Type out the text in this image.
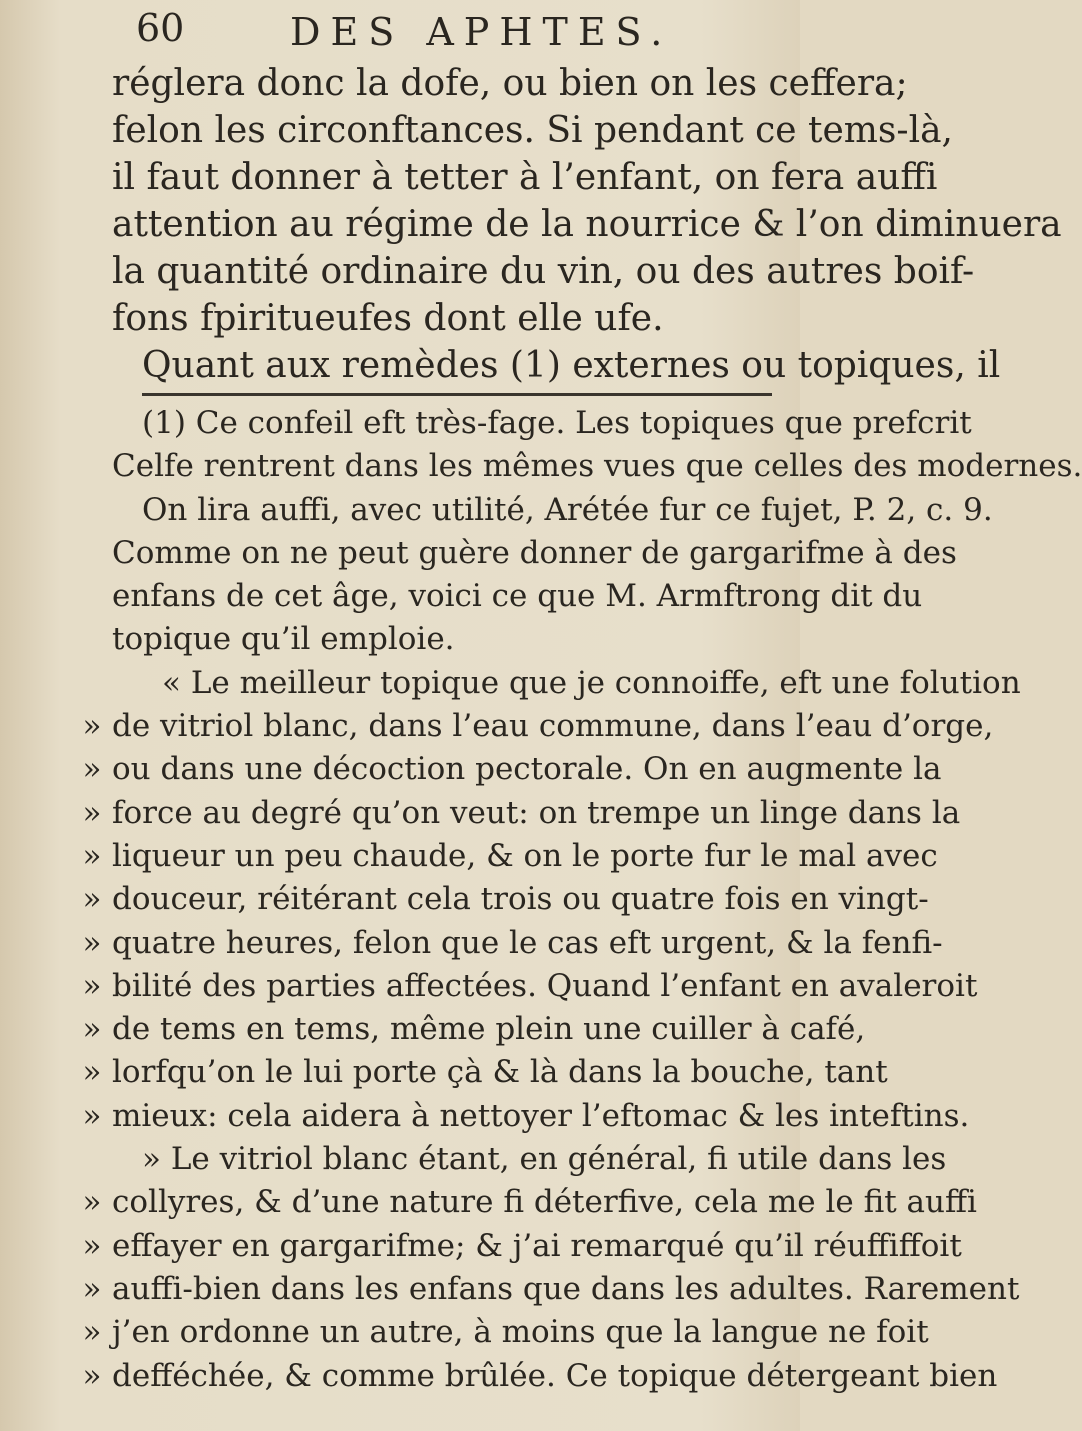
60	DES APHTES.
réglera donc la dofe, ou bien on les ceffera;
felon les circonftances. Si pendant ce tems-là,
il faut donner à tetter à l’enfant, on fera auffi
attention au régime de la nourrice & l’on diminuera
la quantité ordinaire du vin, ou des autres boif-
fons fpiritueufes dont elle ufe.
Quant aux remèdes (1) externes ou topiques, il
(1) Ce confeil eft très-fage. Les topiques que prefcrit
Celfe rentrent dans les mêmes vues que celles des modernes.
On lira auffi, avec utilité, Arétée fur ce fujet, P. 2, c. 9.
Comme on ne peut guère donner de gargarifme à des
enfans de cet âge, voici ce que M. Armftrong dit du
topique qu’il emploie.
« Le meilleur topique que je connoiffe, eft une folution
» de vitriol blanc, dans l’eau commune, dans l’eau d’orge,
» ou dans une décoction pectorale. On en augmente la
» force au degré qu’on veut: on trempe un linge dans la
» liqueur un peu chaude, & on le porte fur le mal avec
» douceur, réitérant cela trois ou quatre fois en vingt-
» quatre heures, felon que le cas eft urgent, & la fenfi-
» bilité des parties affectées. Quand l’enfant en avaleroit
» de tems en tems, même plein une cuiller à café,
» lorfqu’on le lui porte çà & là dans la bouche, tant
» mieux: cela aidera à nettoyer l’eftomac & les inteftins.
» Le vitriol blanc étant, en général, fi utile dans les
» collyres, & d’une nature fi déterfive, cela me le fit auffi
» effayer en gargarifme; & j’ai remarqué qu’il réuffiffoit
» auffi-bien dans les enfans que dans les adultes. Rarement
» j’en ordonne un autre, à moins que la langue ne foit
» defféchée, & comme brûlée. Ce topique détergeant bien
